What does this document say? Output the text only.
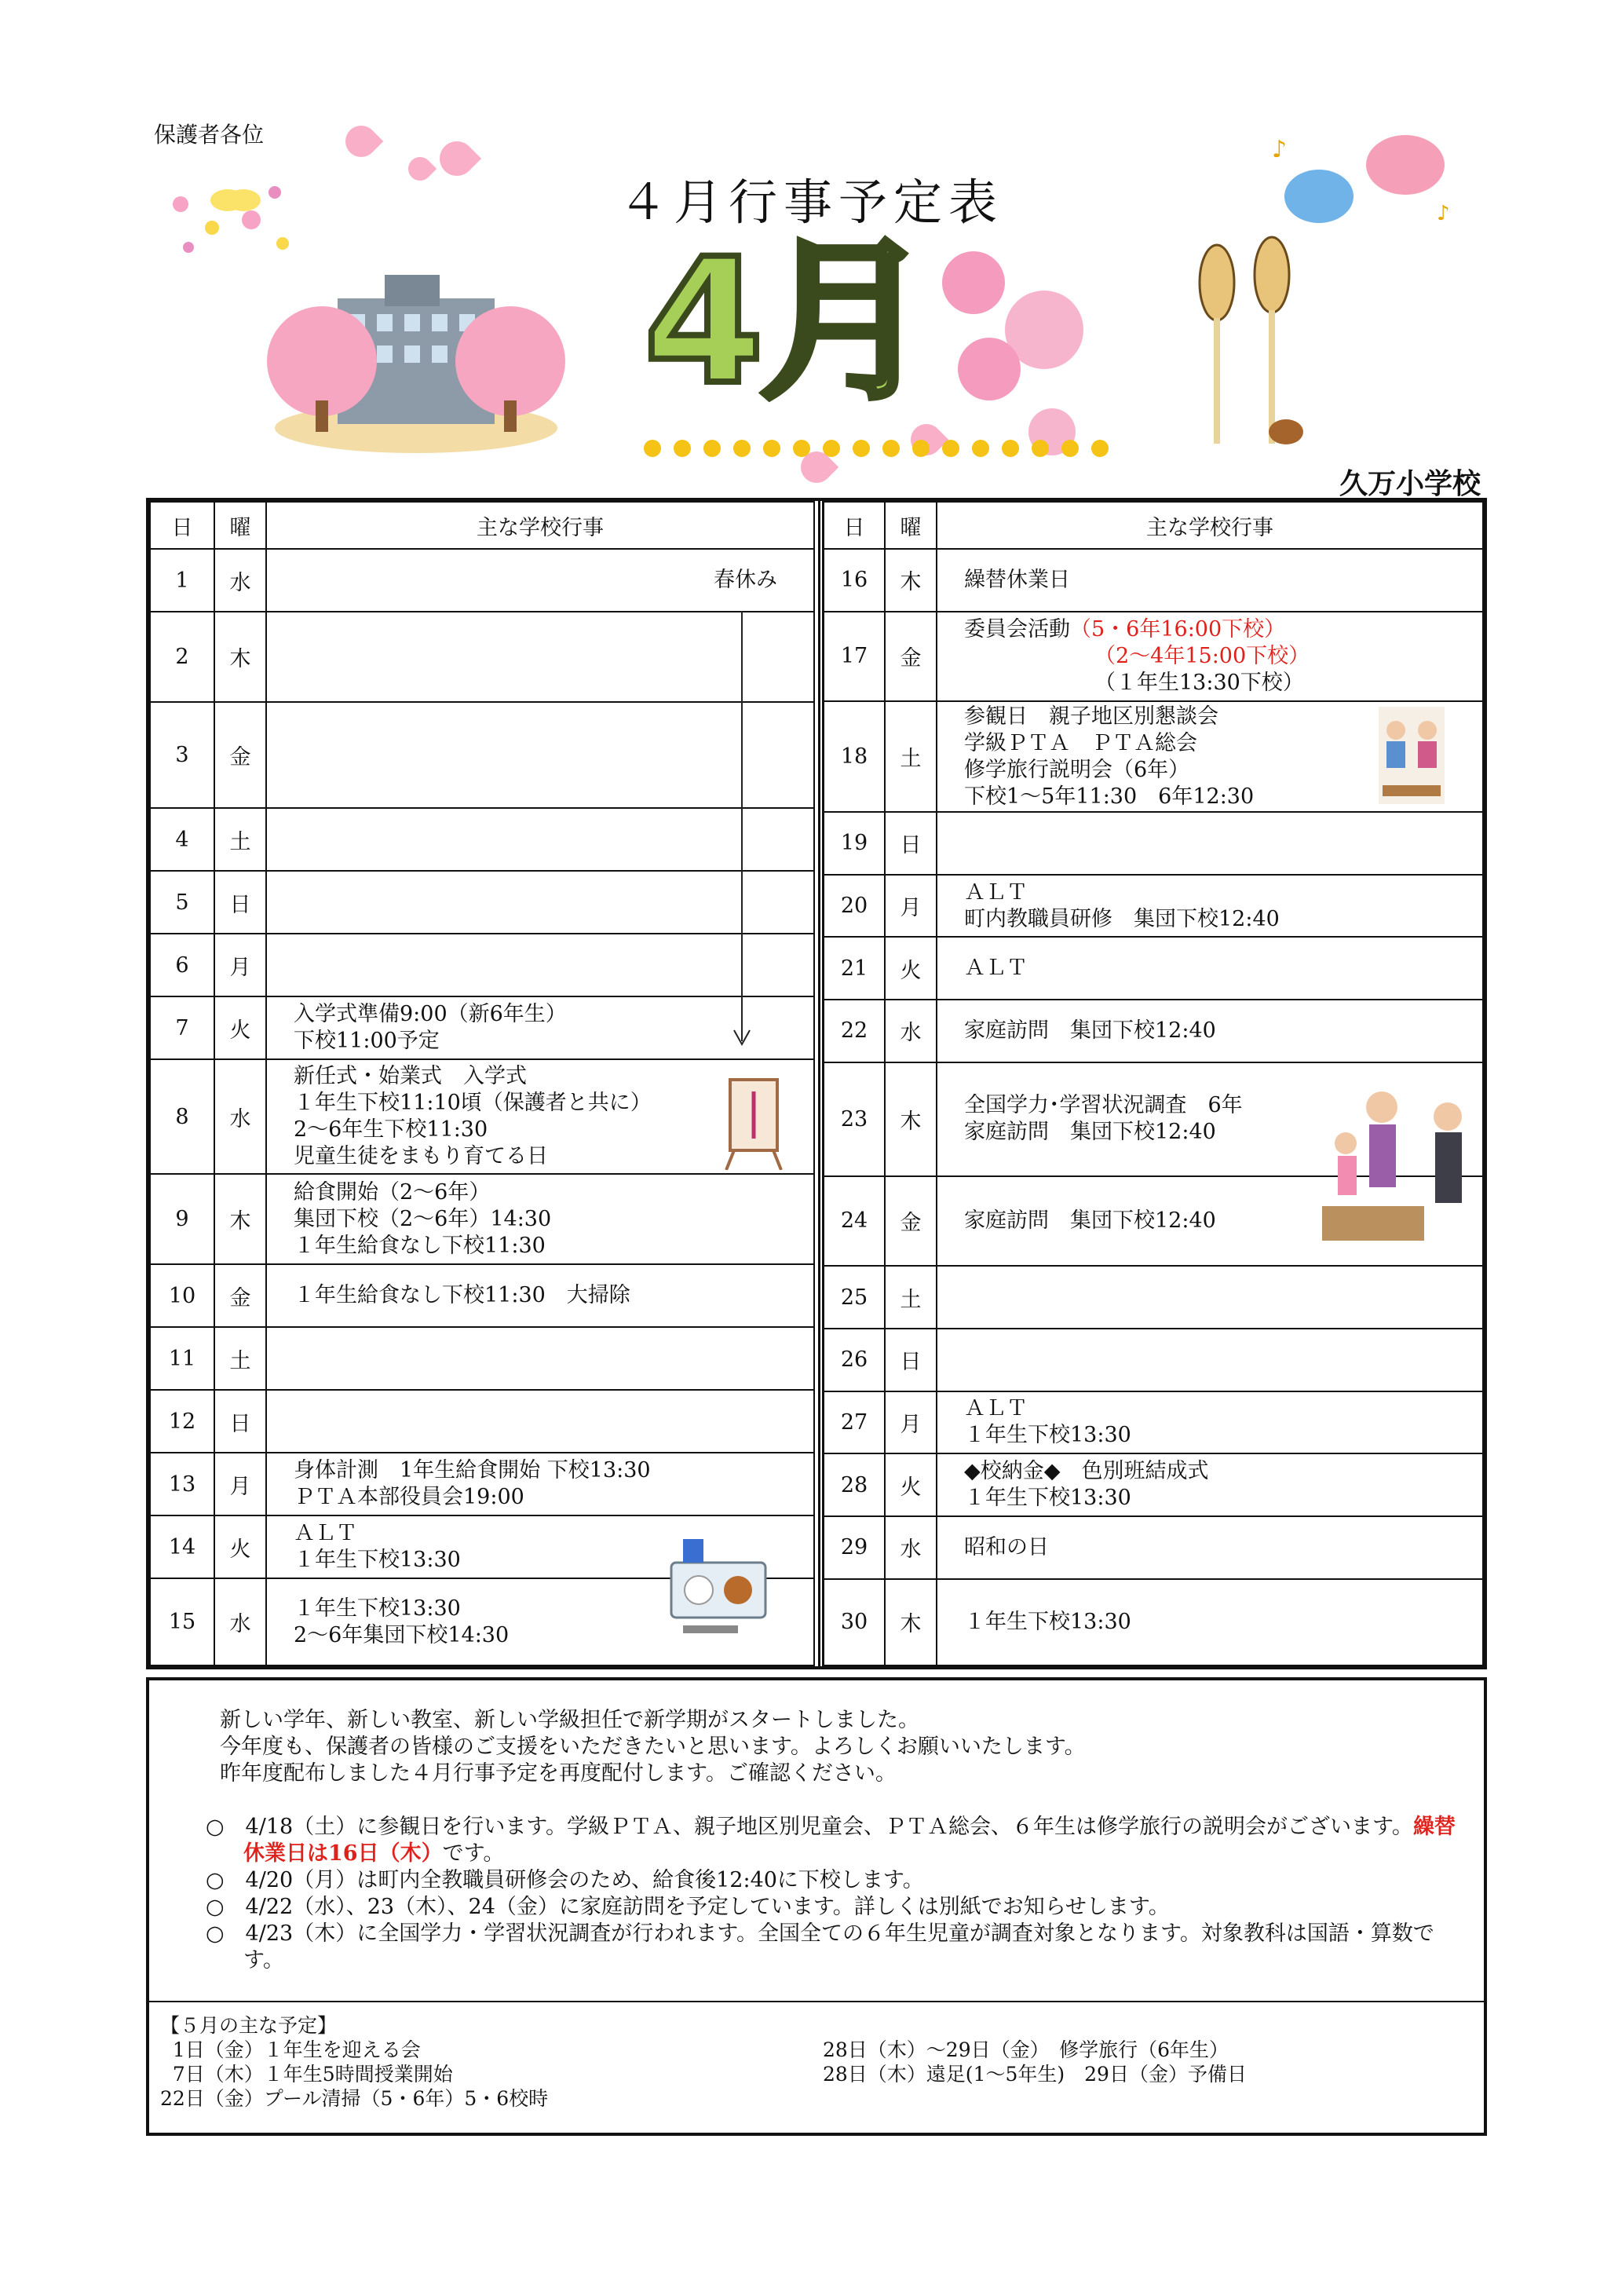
保護者各位
４月行事予定表
4月
久万小学校
♪
♪
日	曜	主な学校行事
1	水	春休み

2	木	
3	金	
4	土	
5	日	
6	月	
7	火	入学式準備9:00（新6年生）
下校11:00予定
8	水	新任式・始業式　入学式
１年生下校11:10頃（保護者と共に）
2～6年生下校11:30
児童生徒をまもり育てる日
9	木	給食開始（2～6年）
集団下校（2～6年）14:30
１年生給食なし下校11:30
10	金	１年生給食なし下校11:30　大掃除
11	土	
12	日	
13	月	身体計測　1年生給食開始 下校13:30
ＰＴＡ本部役員会19:00
14	火	ＡＬＴ
１年生下校13:30
15	水	１年生下校13:30
2～6年集団下校14:30
日	曜	主な学校行事
16	木	繰替休業日
17	金	委員会活動（5・6年16:00下校）
（2～4年15:00下校）
（１年生13:30下校）

18	土	参観日　親子地区別懇談会
学級ＰＴＡ　ＰＴＡ総会
修学旅行説明会（6年）
下校1～5年11:30　6年12:30
19	日	
20	月	ＡＬＴ
町内教職員研修　集団下校12:40
21	火	ＡＬＴ
22	水	家庭訪問　集団下校12:40
23	木	全国学力･学習状況調査　6年
家庭訪問　集団下校12:40
24	金	家庭訪問　集団下校12:40
25	土	
26	日	
27	月	ＡＬＴ
１年生下校13:30
28	火	◆校納金◆　色別班結成式
１年生下校13:30
29	水	昭和の日
30	木	１年生下校13:30
新しい学年、新しい教室、新しい学級担任で新学期がスタートしました。
今年度も、保護者の皆様のご支援をいただきたいと思います。よろしくお願いいたします。
昨年度配布しました４月行事予定を再度配付します。ご確認ください。

○　4/18（土）に参観日を行います。学級ＰＴＡ、親子地区別児童会、ＰＴＡ総会、６年生は修学旅行の説明会がございます。繰替休業日は16日（木）です。

○　4/20（月）は町内全教職員研修会のため、給食後12:40に下校します。

○　4/22（水）、23（木）、24（金）に家庭訪問を予定しています。詳しくは別紙でお知らせします。

○　4/23（木）に全国学力・学習状況調査が行われます。全国全ての６年生児童が調査対象となります。対象教科は国語・算数です。

【５月の主な予定】
1日（金）１年生を迎える会
7日（木）１年生5時間授業開始
22日（金）プール清掃（5・6年）5・6校時
28日（木）～29日（金）　修学旅行（6年生）
28日（木）遠足(1～5年生)　29日（金）予備日
